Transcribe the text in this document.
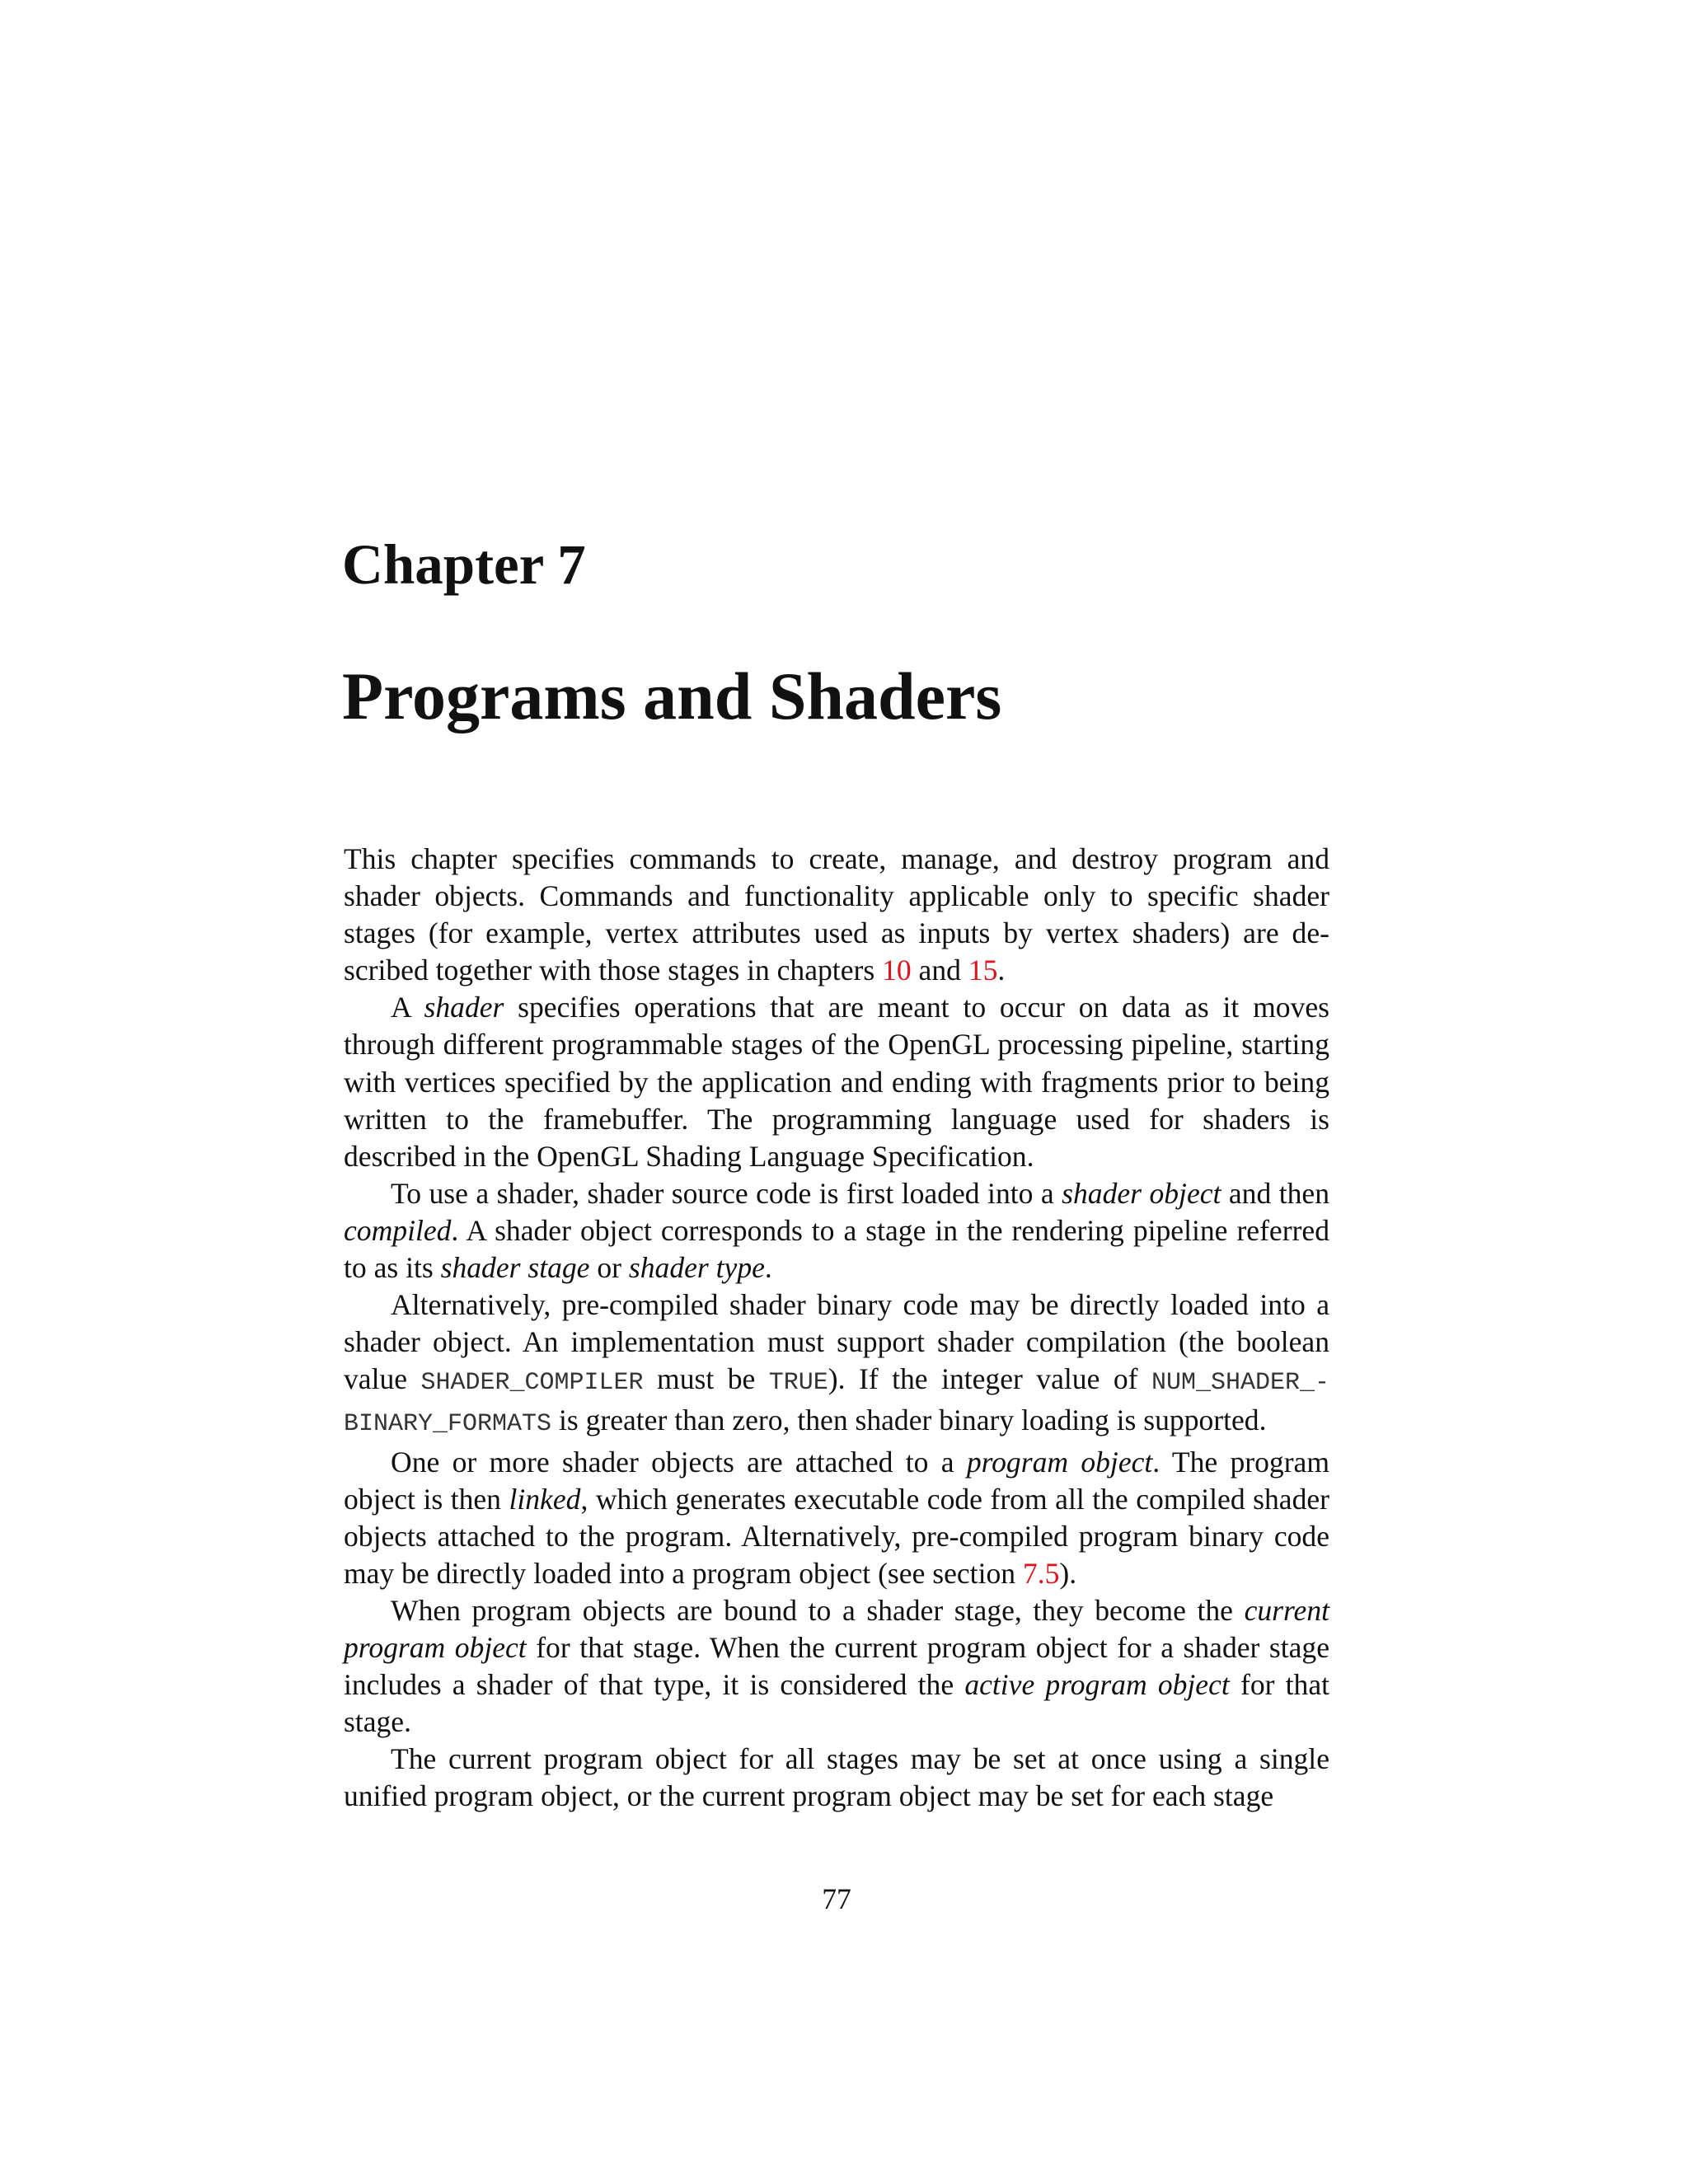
Chapter 7
Programs and Shaders

This chapter specifies commands to create, manage, and destroy program and shader objects. Commands and functionality applicable only to specific shader stages (for example, vertex attributes used as inputs by vertex shaders) are described together with those stages in chapters 10 and 15.

A shader specifies operations that are meant to occur on data as it moves through different programmable stages of the OpenGL processing pipeline, starting with vertices specified by the application and ending with fragments prior to being written to the framebuffer. The programming language used for shaders is described in the OpenGL Shading Language Specification.

To use a shader, shader source code is first loaded into a shader object and then compiled. A shader object corresponds to a stage in the rendering pipeline referred to as its shader stage or shader type.

Alternatively, pre-compiled shader binary code may be directly loaded into a shader object. An implementation must support shader compilation (the boolean value SHADER_COMPILER must be TRUE). If the integer value of NUM_SHADER_BINARY_FORMATS is greater than zero, then shader binary loading is supported.

One or more shader objects are attached to a program object. The program object is then linked, which generates executable code from all the compiled shader objects attached to the program. Alternatively, pre-compiled program binary code may be directly loaded into a program object (see section 7.5).

When program objects are bound to a shader stage, they become the current program object for that stage. When the current program object for a shader stage includes a shader of that type, it is considered the active program object for that stage.

The current program object for all stages may be set at once using a single unified program object, or the current program object may be set for each stage

77
